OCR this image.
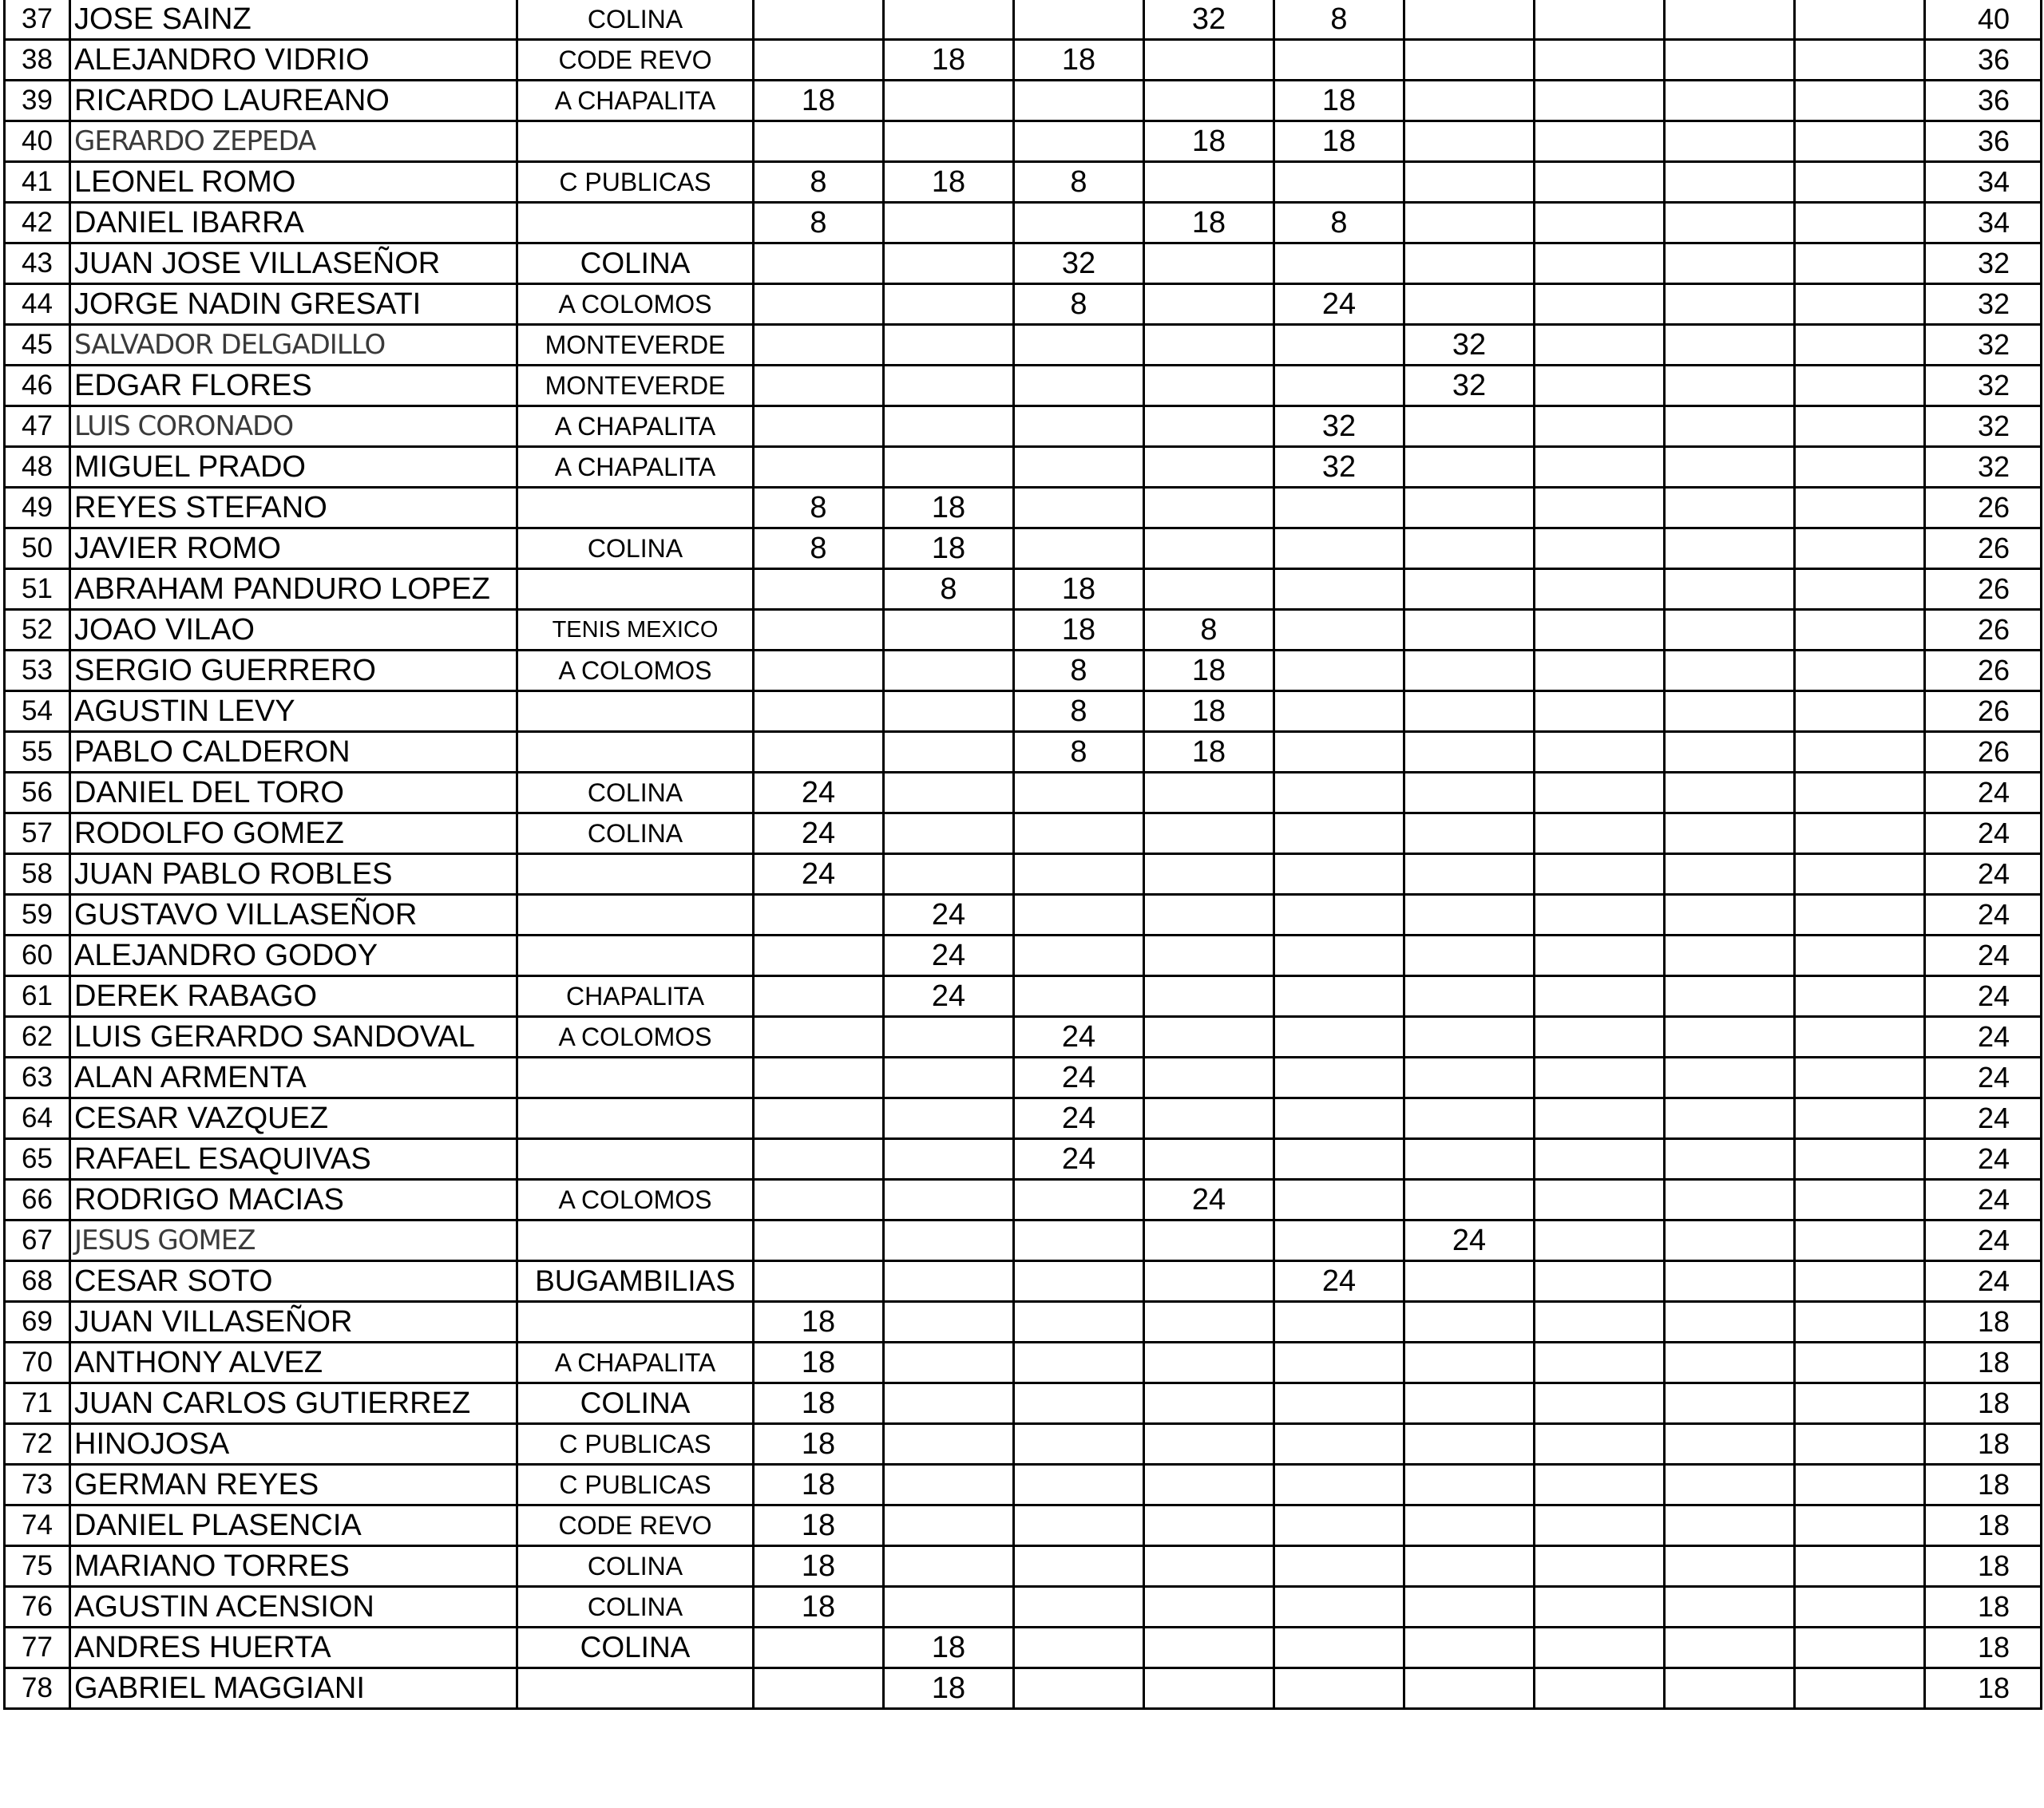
37	JOSE SAINZ	COLINA				32	8					40
38	ALEJANDRO VIDRIO	CODE REVO		18	18							36
39	RICARDO LAUREANO	A CHAPALITA	18				18					36
40	GERARDO ZEPEDA					18	18					36
41	LEONEL ROMO	C PUBLICAS	8	18	8							34
42	DANIEL IBARRA		8			18	8					34
43	JUAN JOSE VILLASEÑOR	COLINA			32							32
44	JORGE NADIN GRESATI	A COLOMOS			8		24					32
45	SALVADOR DELGADILLO	MONTEVERDE						32				32
46	EDGAR FLORES	MONTEVERDE						32				32
47	LUIS CORONADO	A CHAPALITA					32					32
48	MIGUEL PRADO	A CHAPALITA					32					32
49	REYES STEFANO		8	18								26
50	JAVIER ROMO	COLINA	8	18								26
51	ABRAHAM PANDURO LOPEZ			8	18							26
52	JOAO VILAO	TENIS MEXICO			18	8						26
53	SERGIO GUERRERO	A COLOMOS			8	18						26
54	AGUSTIN LEVY				8	18						26
55	PABLO CALDERON				8	18						26
56	DANIEL DEL TORO	COLINA	24									24
57	RODOLFO GOMEZ	COLINA	24									24
58	JUAN PABLO ROBLES		24									24
59	GUSTAVO VILLASEÑOR			24								24
60	ALEJANDRO GODOY			24								24
61	DEREK RABAGO	CHAPALITA		24								24
62	LUIS GERARDO SANDOVAL	A COLOMOS			24							24
63	ALAN ARMENTA				24							24
64	CESAR VAZQUEZ				24							24
65	RAFAEL ESAQUIVAS				24							24
66	RODRIGO MACIAS	A COLOMOS				24						24
67	JESUS GOMEZ							24				24
68	CESAR SOTO	BUGAMBILIAS					24					24
69	JUAN VILLASEÑOR		18									18
70	ANTHONY ALVEZ	A CHAPALITA	18									18
71	JUAN CARLOS GUTIERREZ	COLINA	18									18
72	HINOJOSA	C PUBLICAS	18									18
73	GERMAN REYES	C PUBLICAS	18									18
74	DANIEL PLASENCIA	CODE REVO	18									18
75	MARIANO TORRES	COLINA	18									18
76	AGUSTIN ACENSION	COLINA	18									18
77	ANDRES HUERTA	COLINA		18								18
78	GABRIEL MAGGIANI			18								18
